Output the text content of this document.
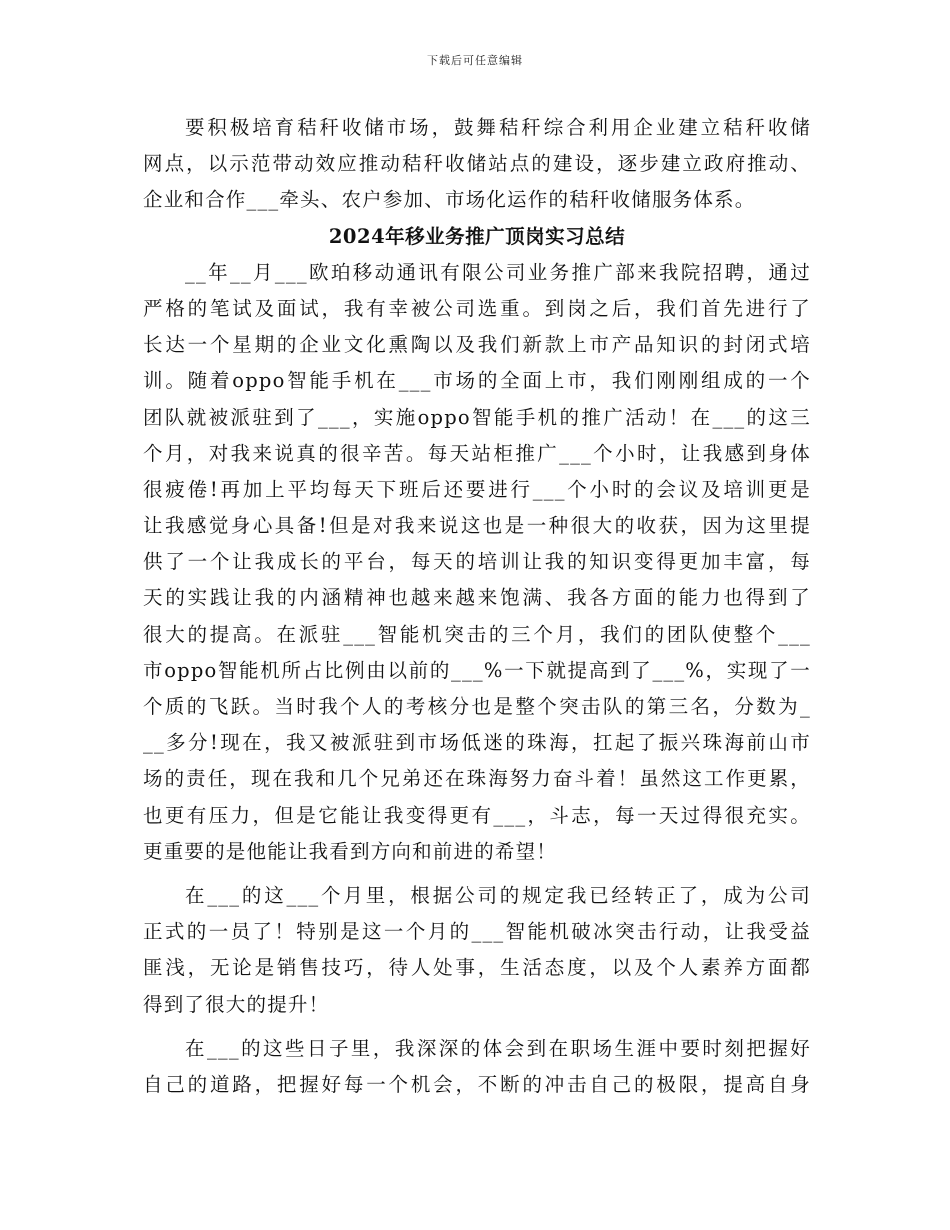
下载后可任意编辑
要积极培育秸秆收储市场，鼓舞秸秆综合利用企业建立秸秆收储
网点，以示范带动效应推动秸秆收储站点的建设，逐步建立政府推动、
企业和合作___牵头、农户参加、市场化运作的秸秆收储服务体系。
2024年移业务推广顶岗实习总结
__年__月___欧珀移动通讯有限公司业务推广部来我院招聘，通过
严格的笔试及面试，我有幸被公司选重。到岗之后，我们首先进行了
长达一个星期的企业文化熏陶以及我们新款上市产品知识的封闭式培
训。随着oppo智能手机在___市场的全面上市，我们刚刚组成的一个
团队就被派驻到了___，实施oppo智能手机的推广活动！在___的这三
个月，对我来说真的很辛苦。每天站柜推广___个小时，让我感到身体
很疲倦!再加上平均每天下班后还要进行___个小时的会议及培训更是
让我感觉身心具备!但是对我来说这也是一种很大的收获，因为这里提
供了一个让我成长的平台，每天的培训让我的知识变得更加丰富，每
天的实践让我的内涵精神也越来越来饱满、我各方面的能力也得到了
很大的提高。在派驻___智能机突击的三个月，我们的团队使整个___
市oppo智能机所占比例由以前的___%一下就提高到了___%，实现了一
个质的飞跃。当时我个人的考核分也是整个突击队的第三名，分数为_
__多分!现在，我又被派驻到市场低迷的珠海，扛起了振兴珠海前山市
场的责任，现在我和几个兄弟还在珠海努力奋斗着！虽然这工作更累，
也更有压力，但是它能让我变得更有___，斗志，每一天过得很充实。
更重要的是他能让我看到方向和前进的希望！
在___的这___个月里，根据公司的规定我已经转正了，成为公司
正式的一员了！特别是这一个月的___智能机破冰突击行动，让我受益
匪浅，无论是销售技巧，待人处事，生活态度，以及个人素养方面都
得到了很大的提升！
在___的这些日子里，我深深的体会到在职场生涯中要时刻把握好
自己的道路，把握好每一个机会，不断的冲击自己的极限，提高自身
